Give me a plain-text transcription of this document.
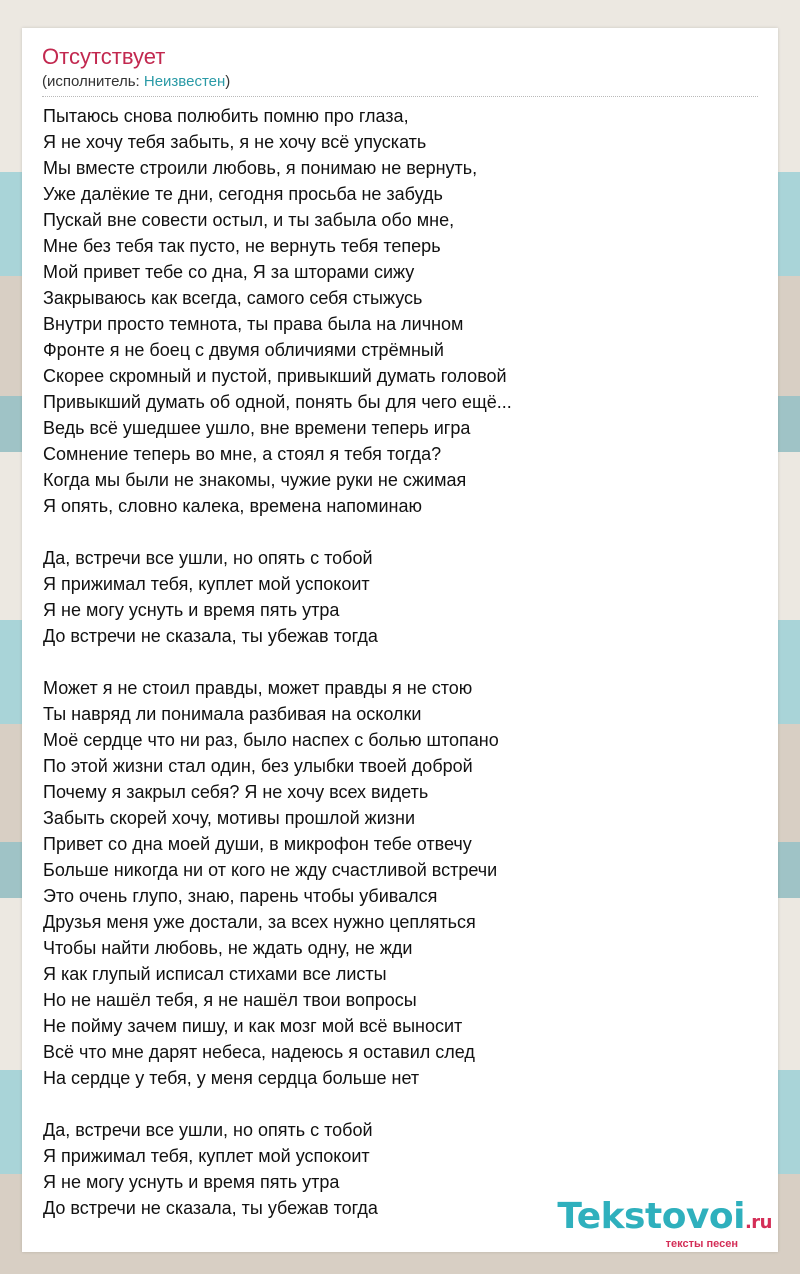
Отсутствует
(исполнитель: Неизвестен)
Пытаюсь снова полюбить помню про глаза,
Я не хочу тебя забыть, я не хочу всё упускать
Мы вместе строили любовь, я понимаю не вернуть,
Уже далёкие те дни, сегодня просьба не забудь
Пускай вне совести остыл, и ты забыла обо мне,
Мне без тебя так пусто, не вернуть тебя теперь
Мой привет тебе со дна, Я за шторами сижу
Закрываюсь как всегда, самого себя стыжусь
Внутри просто темнота, ты права была на личном
Фронте я не боец с двумя обличиями стрёмный
Скорее скромный и пустой, привыкший думать головой
Привыкший думать об одной, понять бы для чего ещё...
Ведь всё ушедшее ушло, вне времени теперь игра
Сомнение теперь во мне, а стоял я тебя тогда?
Когда мы были не знакомы, чужие руки не сжимая
Я опять, словно калека, времена напоминаю
Да, встречи все ушли, но опять с тобой
Я прижимал тебя, куплет мой успокоит
Я не могу уснуть и время пять утра
До встречи не сказала, ты убежав тогда
Может я не стоил правды, может правды я не стою
Ты навряд ли понимала разбивая на осколки
Моё сердце что ни раз, было наспех с болью штопано
По этой жизни стал один, без улыбки твоей доброй
Почему я закрыл себя? Я не хочу всех видеть
Забыть скорей хочу, мотивы прошлой жизни
Привет со дна моей души, в микрофон тебе отвечу
Больше никогда ни от кого не жду счастливой встречи
Это очень глупо, знаю, парень чтобы убивался
Друзья меня уже достали, за всех нужно цепляться
Чтобы найти любовь, не ждать одну, не жди
Я как глупый исписал стихами все листы
Но не нашёл тебя, я не нашёл твои вопросы
Не пойму зачем пишу, и как мозг мой всё выносит
Всё что мне дарят небеса, надеюсь я оставил след
На сердце у тебя, у меня сердца больше нет
Да, встречи все ушли, но опять с тобой
Я прижимал тебя, куплет мой успокоит
Я не могу уснуть и время пять утра
До встречи не сказала, ты убежав тогда	Tekstovoi.ru
тексты песен
